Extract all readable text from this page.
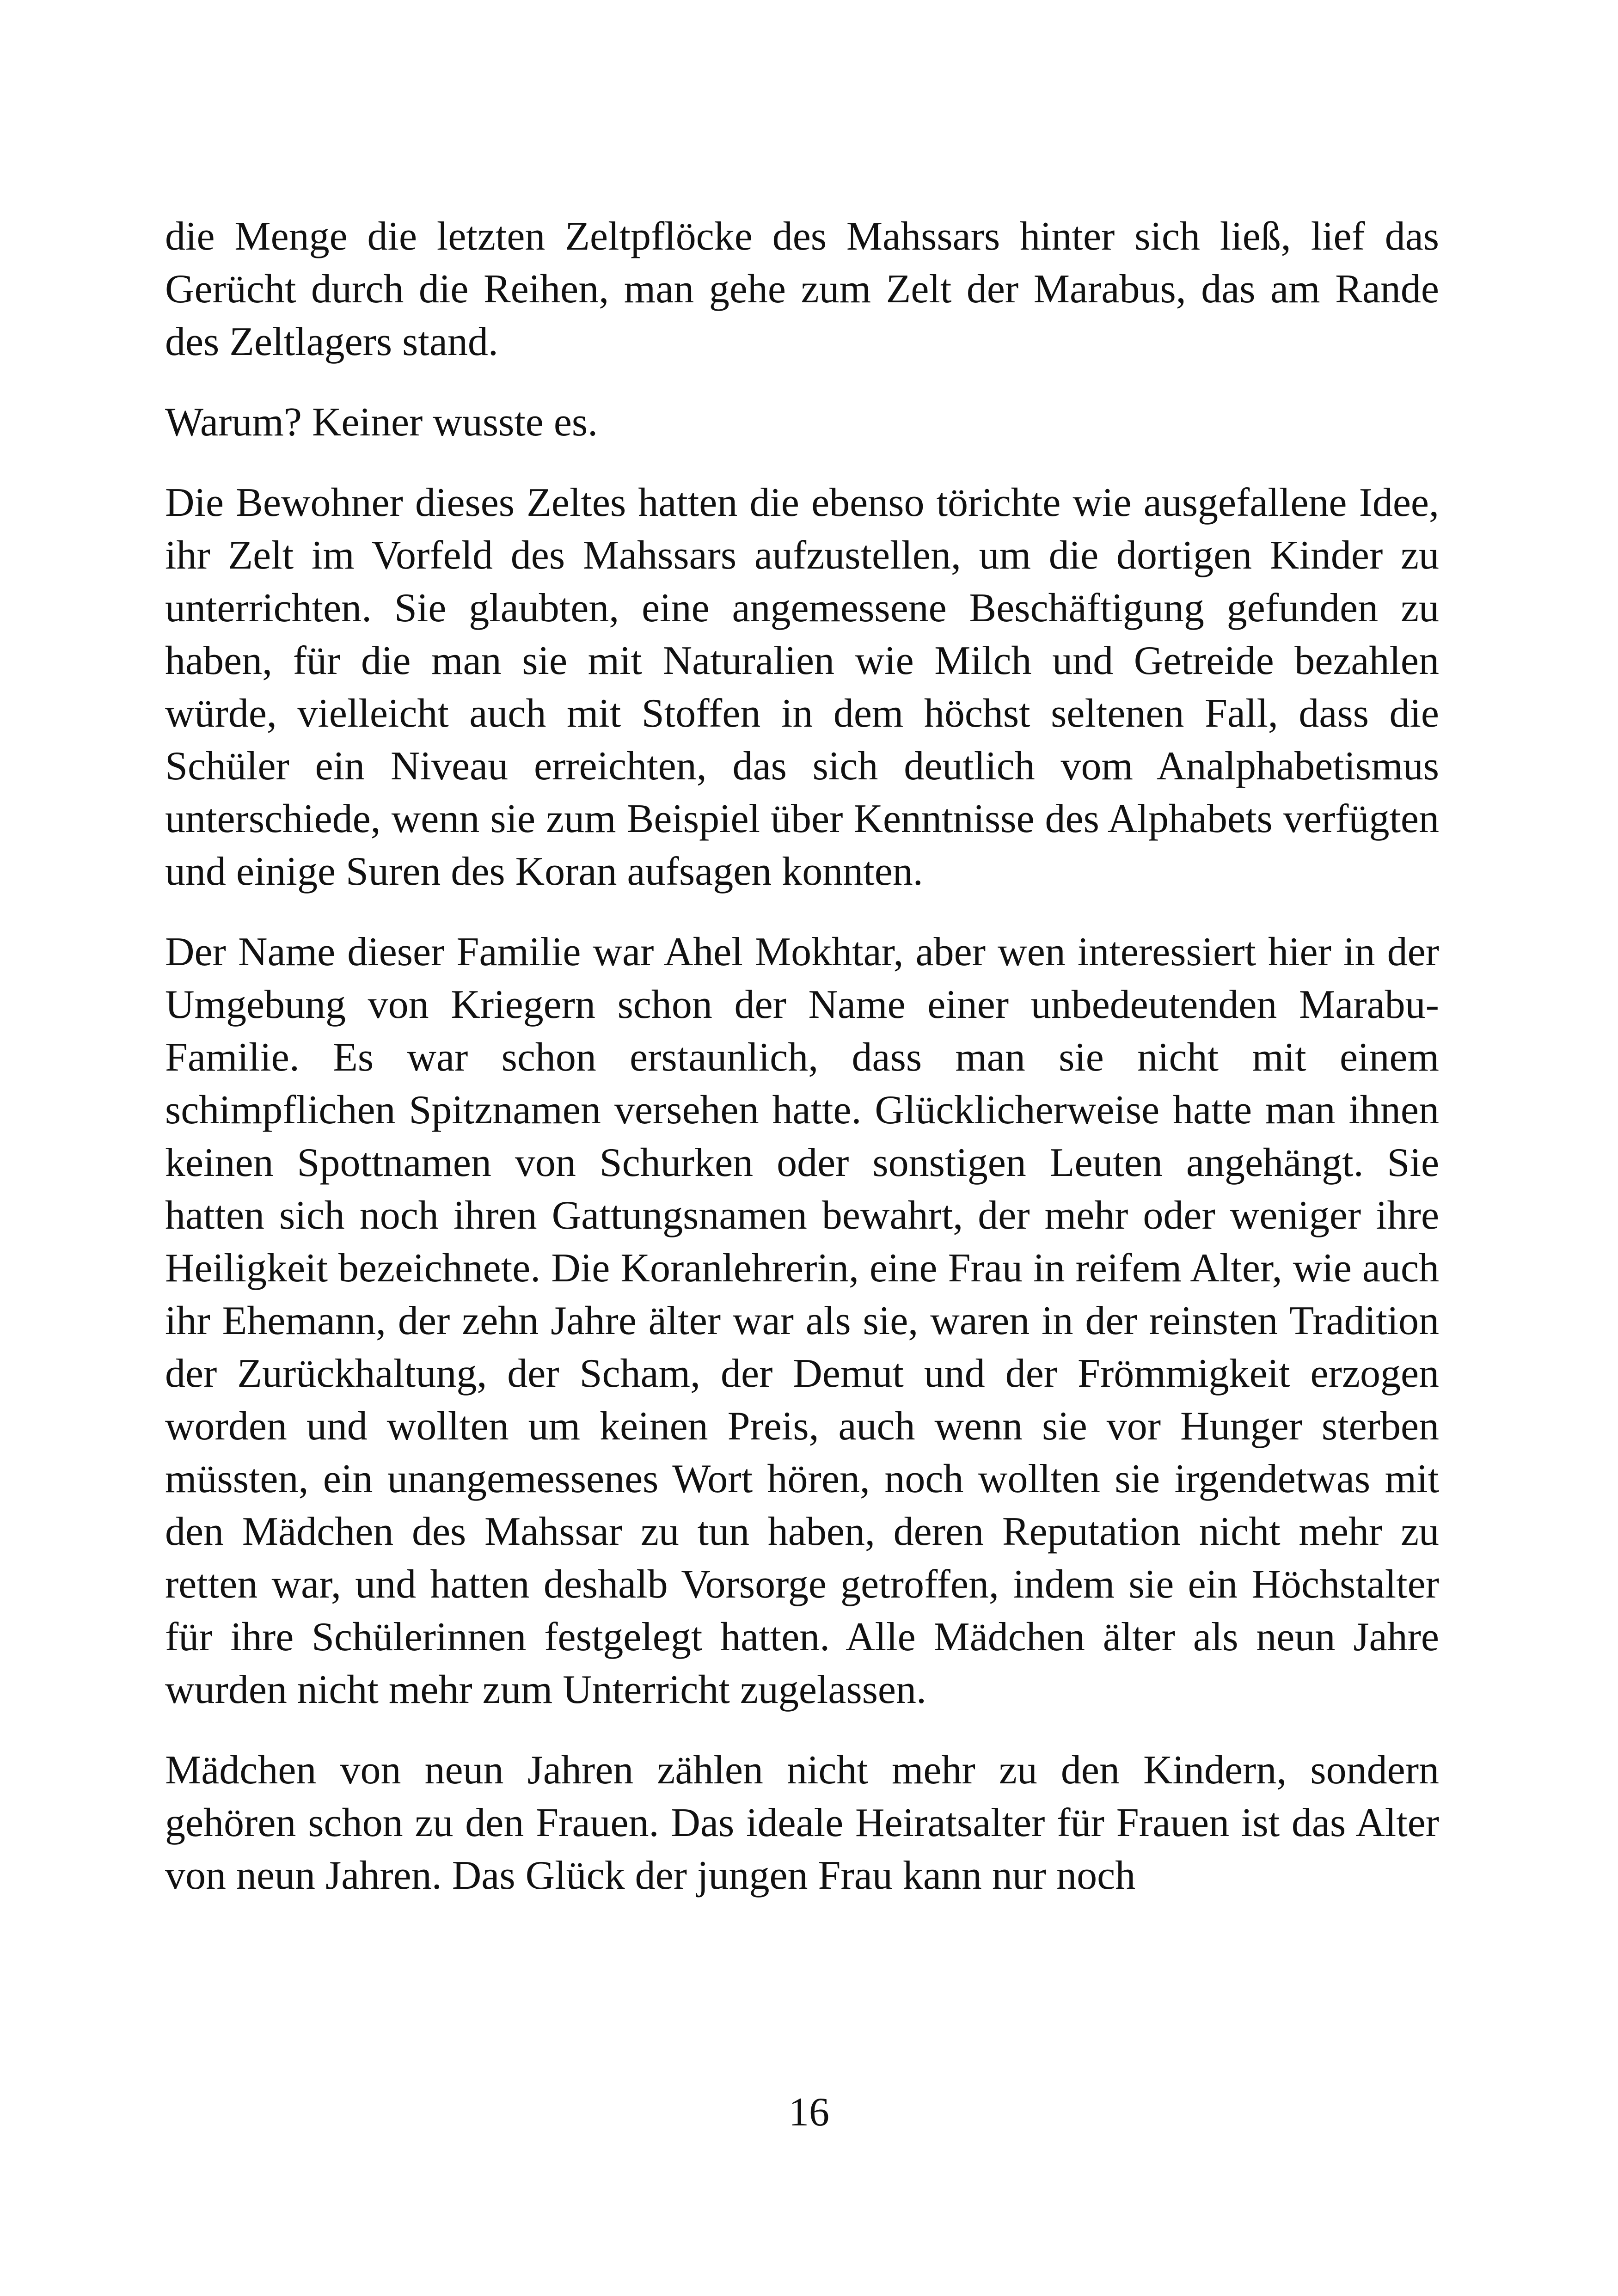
die Menge die letzten Zeltpflöcke des Mahssars hinter sich ließ, lief das Gerücht durch die Reihen, man gehe zum Zelt der Marabus, das am Rande des Zeltlagers stand.

Warum? Keiner wusste es.

Die Bewohner dieses Zeltes hatten die ebenso törichte wie ausgefallene Idee, ihr Zelt im Vorfeld des Mahssars aufzustellen, um die dortigen Kinder zu unterrichten. Sie glaubten, eine angemessene Beschäftigung gefunden zu haben, für die man sie mit Naturalien wie Milch und Getreide bezahlen würde, vielleicht auch mit Stoffen in dem höchst seltenen Fall, dass die Schüler ein Niveau erreichten, das sich deutlich vom Analphabetismus unterschiede, wenn sie zum Beispiel über Kenntnisse des Alphabets verfügten und einige Suren des Koran aufsagen konnten.

Der Name dieser Familie war Ahel Mokhtar, aber wen interessiert hier in der Umgebung von Kriegern schon der Name einer unbedeutenden Marabu-Familie. Es war schon erstaunlich, dass man sie nicht mit einem schimpflichen Spitznamen versehen hatte. Glücklicherweise hatte man ihnen keinen Spottnamen von Schurken oder sonstigen Leuten angehängt. Sie hatten sich noch ihren Gattungsnamen bewahrt, der mehr oder weniger ihre Heiligkeit bezeichnete. Die Koranlehrerin, eine Frau in reifem Alter, wie auch ihr Ehemann, der zehn Jahre älter war als sie, waren in der reinsten Tradition der Zurückhaltung, der Scham, der Demut und der Frömmigkeit erzogen worden und wollten um keinen Preis, auch wenn sie vor Hunger sterben müssten, ein unangemessenes Wort hören, noch wollten sie irgendetwas mit den Mädchen des Mahssar zu tun haben, deren Reputation nicht mehr zu retten war, und hatten deshalb Vorsorge getroffen, indem sie ein Höchstalter für ihre Schülerinnen festgelegt hatten. Alle Mädchen älter als neun Jahre wurden nicht mehr zum Unterricht zugelassen.

Mädchen von neun Jahren zählen nicht mehr zu den Kindern, sondern gehören schon zu den Frauen. Das ideale Heiratsalter für Frauen ist das Alter von neun Jahren. Das Glück der jungen Frau kann nur noch

16
